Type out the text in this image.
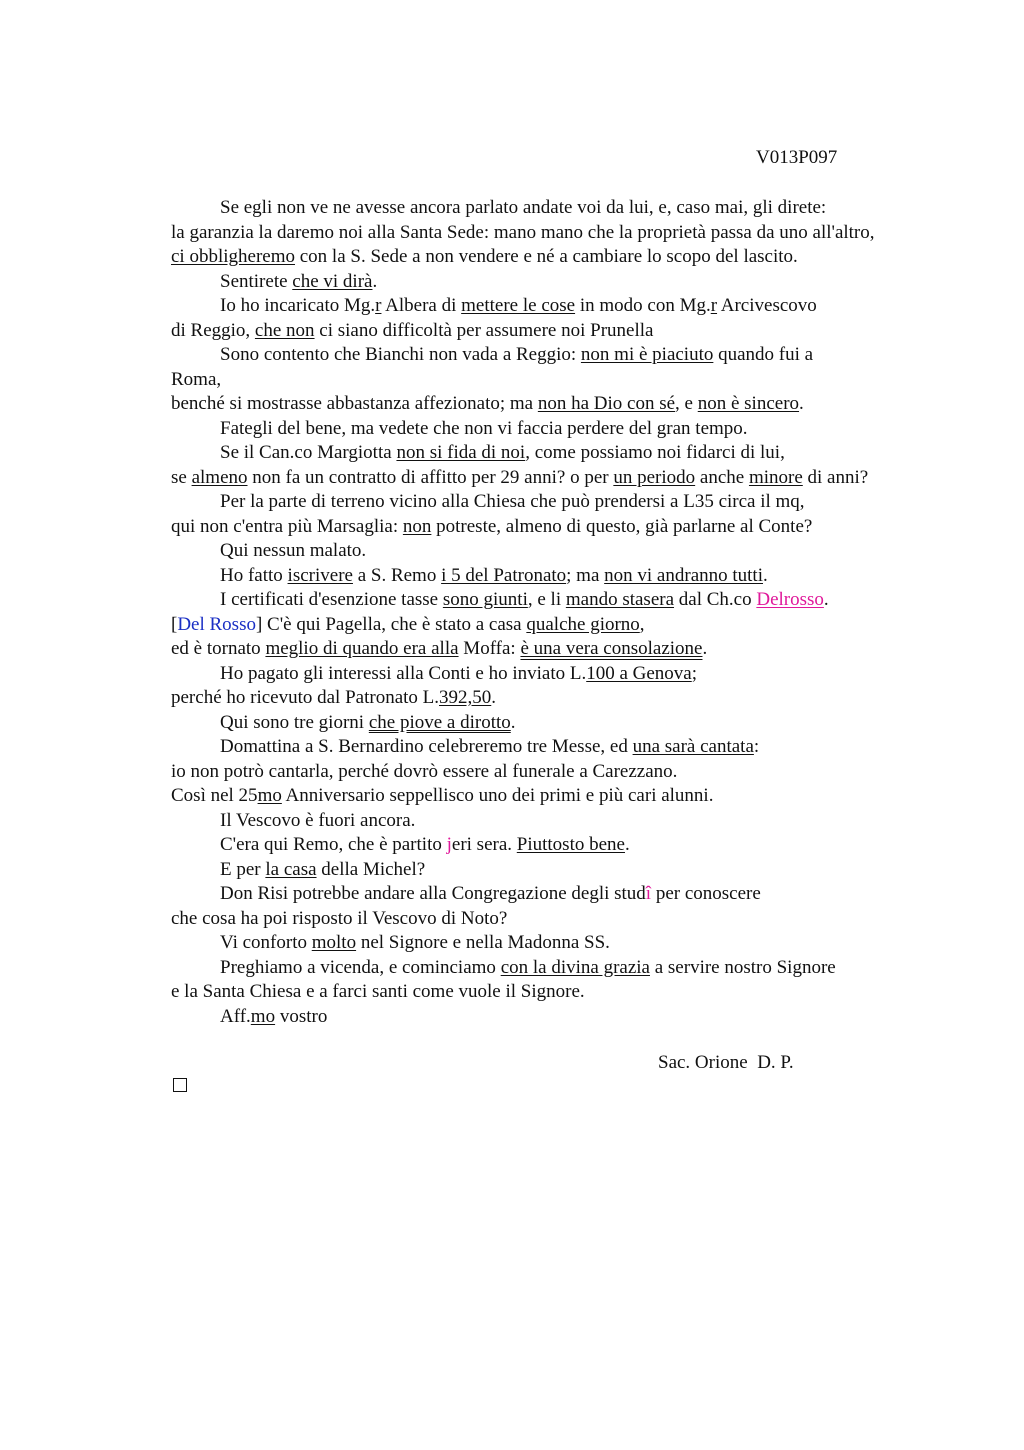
V013P097
Se egli non ve ne avesse ancora parlato andate voi da lui, e, caso mai, gli direte:
la garanzia la daremo noi alla Santa Sede: mano mano che la proprietà passa da uno all'altro,
ci obbligheremo con la S. Sede a non vendere e né a cambiare lo scopo del lascito.
Sentirete che vi dirà.
Io ho incaricato Mg.r Albera di mettere le cose in modo con Mg.r Arcivescovo
di Reggio, che non ci siano difficoltà per assumere noi Prunella
Sono contento che Bianchi non vada a Reggio: non mi è piaciuto quando fui a
Roma,
benché si mostrasse abbastanza affezionato; ma non ha Dio con sé, e non è sincero.
Fategli del bene, ma vedete che non vi faccia perdere del gran tempo.
Se il Can.co Margiotta non si fida di noi, come possiamo noi fidarci di lui,
se almeno non fa un contratto di affitto per 29 anni? o per un periodo anche minore di anni?
Per la parte di terreno vicino alla Chiesa che può prendersi a L35 circa il mq,
qui non c'entra più Marsaglia: non potreste, almeno di questo, già parlarne al Conte?
Qui nessun malato.
Ho fatto iscrivere a S. Remo i 5 del Patronato; ma non vi andranno tutti.
I certificati d'esenzione tasse sono giunti, e li mando stasera dal Ch.co Delrosso.
[Del Rosso] C'è qui Pagella, che è stato a casa qualche giorno,
ed è tornato meglio di quando era alla Moffa: è una vera consolazione.
Ho pagato gli interessi alla Conti e ho inviato L.100 a Genova;
perché ho ricevuto dal Patronato L.392,50.
Qui sono tre giorni che piove a dirotto.
Domattina a S. Bernardino celebreremo tre Messe, ed una sarà cantata:
io non potrò cantarla, perché dovrò essere al funerale a Carezzano.
Così nel 25mo Anniversario seppellisco uno dei primi e più cari alunni.
Il Vescovo è fuori ancora.
C'era qui Remo, che è partito jeri sera. Piuttosto bene.
E per la casa della Michel?
Don Risi potrebbe andare alla Congregazione degli studî per conoscere
che cosa ha poi risposto il Vescovo di Noto?
Vi conforto molto nel Signore e nella Madonna SS.
Preghiamo a vicenda, e cominciamo con la divina grazia a servire nostro Signore
e la Santa Chiesa e a farci santi come vuole il Signore.
Aff.mo vostro
Sac. Orione  D. P.
